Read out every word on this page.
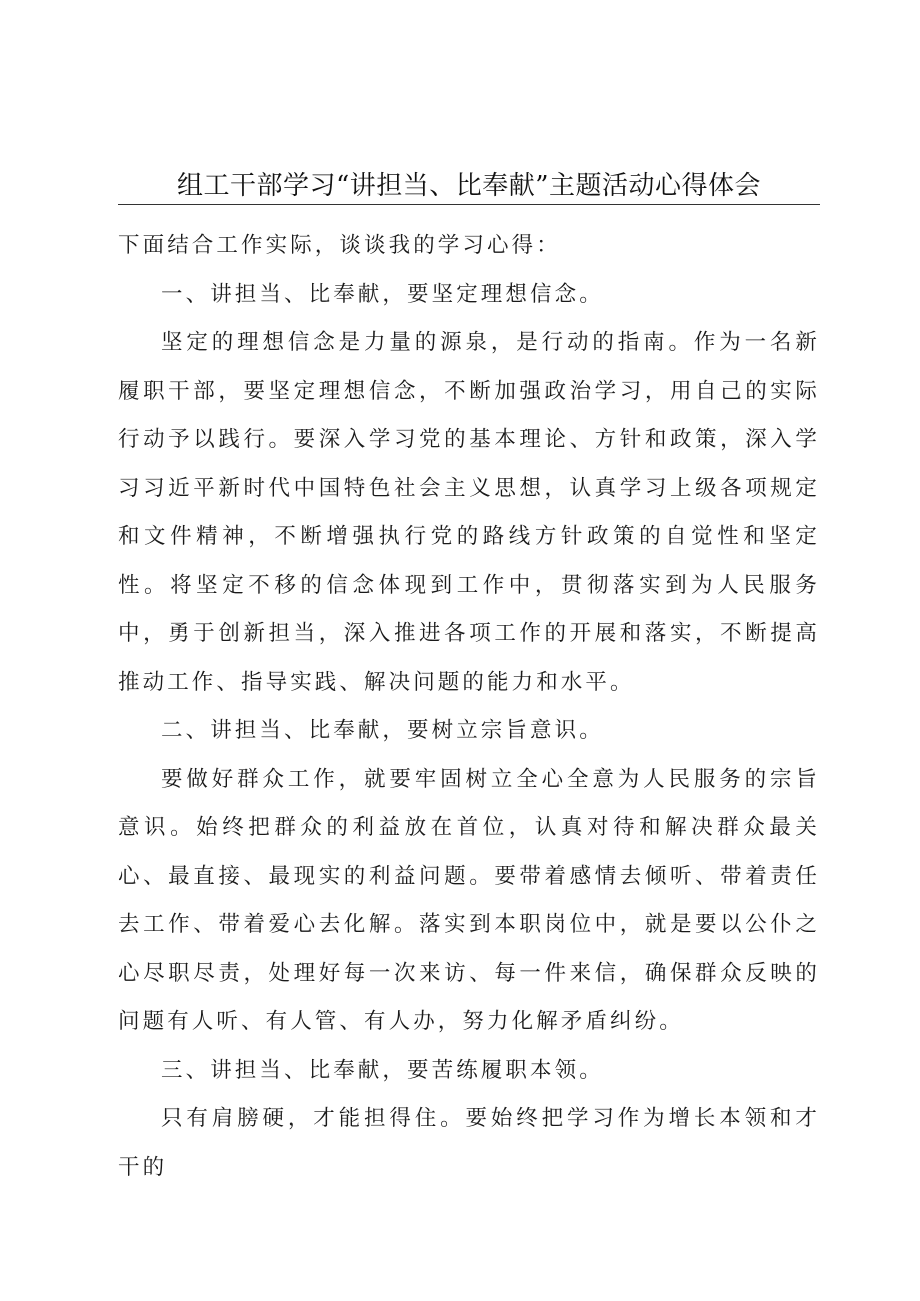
组工干部学习“讲担当、比奉献”主题活动心得体会

下面结合工作实际，谈谈我的学习心得：

一、讲担当、比奉献，要坚定理想信念。

坚定的理想信念是力量的源泉，是行动的指南。作为一名新履职干部，要坚定理想信念，不断加强政治学习，用自己的实际行动予以践行。要深入学习党的基本理论、方针和政策，深入学习习近平新时代中国特色社会主义思想，认真学习上级各项规定和文件精神，不断增强执行党的路线方针政策的自觉性和坚定性。将坚定不移的信念体现到工作中，贯彻落实到为人民服务中，勇于创新担当，深入推进各项工作的开展和落实，不断提高推动工作、指导实践、解决问题的能力和水平。

二、讲担当、比奉献，要树立宗旨意识。

要做好群众工作，就要牢固树立全心全意为人民服务的宗旨意识。始终把群众的利益放在首位，认真对待和解决群众最关心、最直接、最现实的利益问题。要带着感情去倾听、带着责任去工作、带着爱心去化解。落实到本职岗位中，就是要以公仆之心尽职尽责，处理好每一次来访、每一件来信，确保群众反映的问题有人听、有人管、有人办，努力化解矛盾纠纷。

三、讲担当、比奉献，要苦练履职本领。

只有肩膀硬，才能担得住。要始终把学习作为增长本领和才干的
